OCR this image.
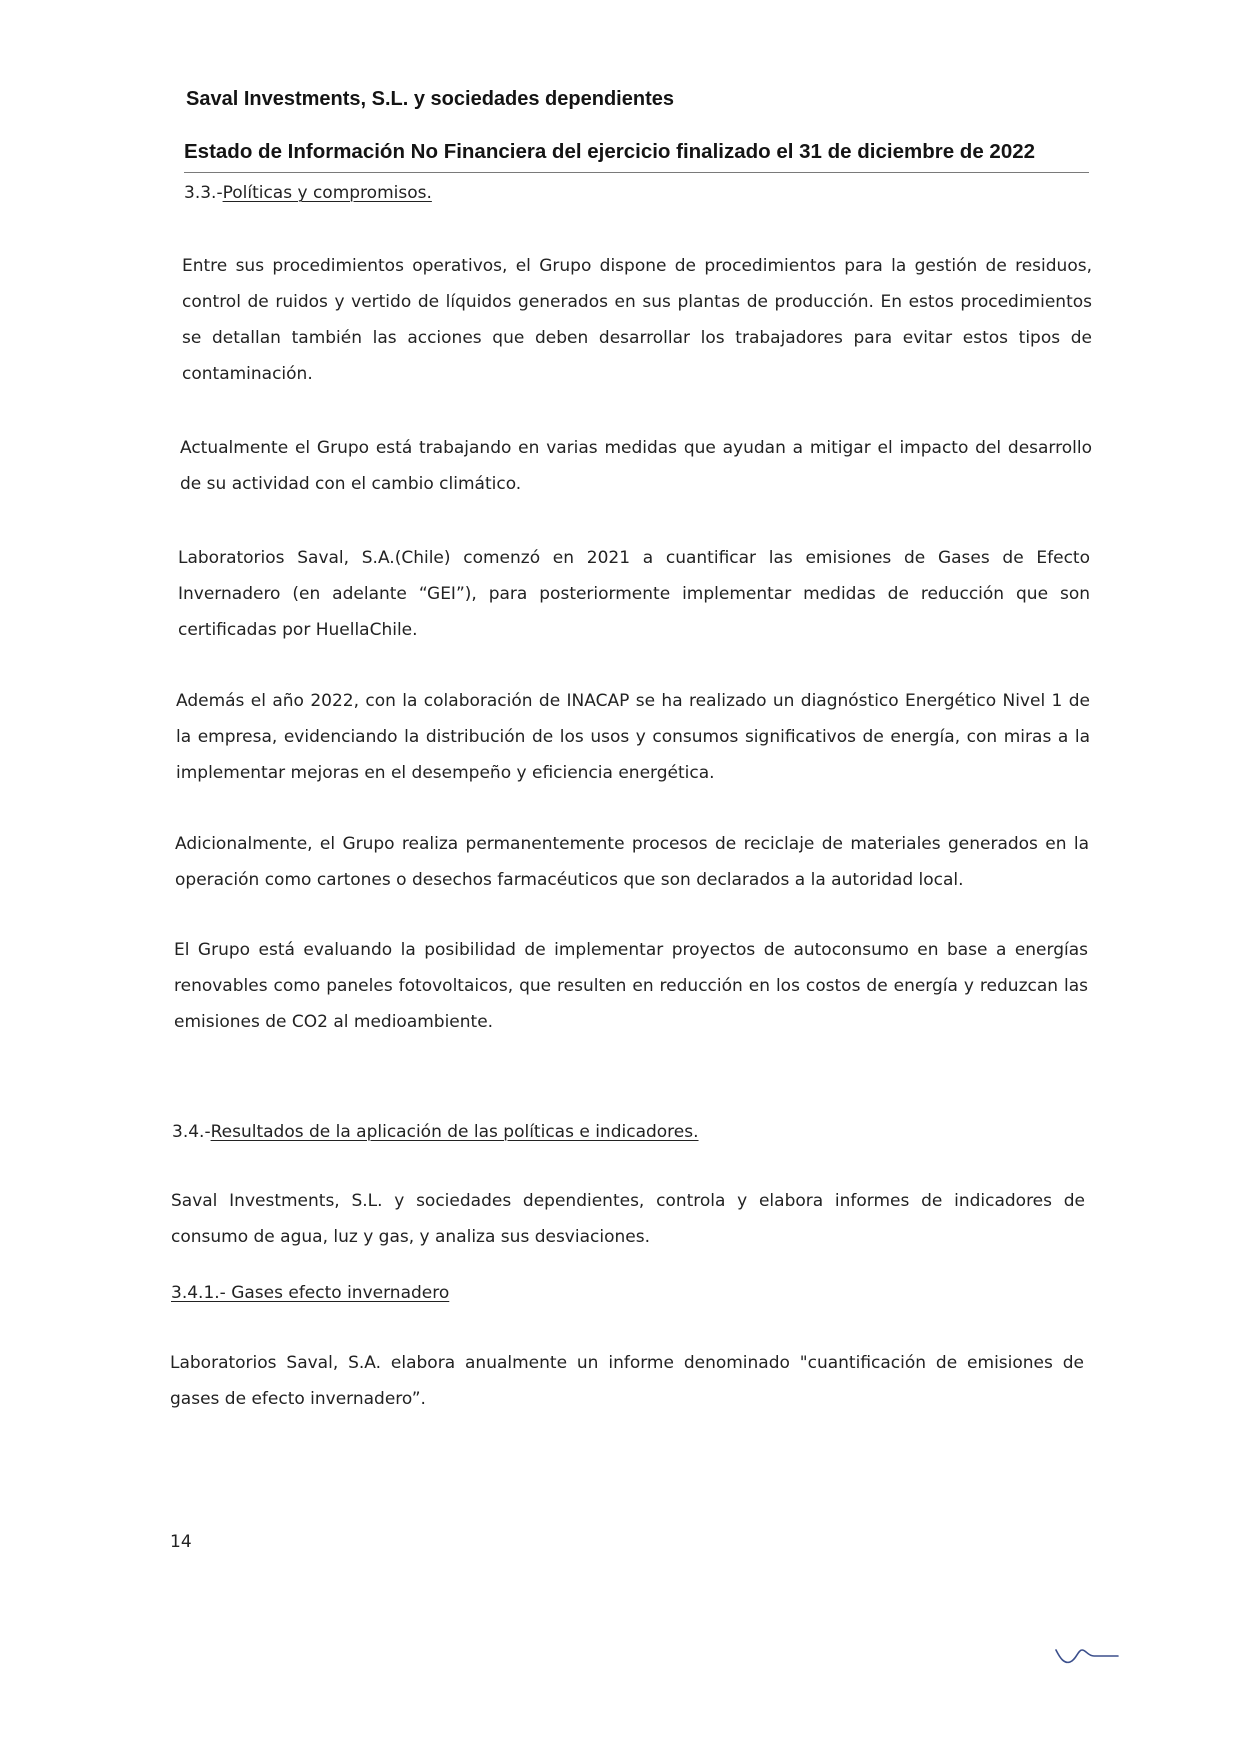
Saval Investments, S.L. y sociedades dependientes
Estado de Información No Financiera del ejercicio finalizado el 31 de diciembre de 2022
3.3.-Políticas y compromisos.

Entre sus procedimientos operativos, el Grupo dispone de procedimientos para la gestión de residuos, control de ruidos y vertido de líquidos generados en sus plantas de producción. En estos procedimientos se detallan también las acciones que deben desarrollar los trabajadores para evitar estos tipos de contaminación.

Actualmente el Grupo está trabajando en varias medidas que ayudan a mitigar el impacto del desarrollo de su actividad con el cambio climático.

Laboratorios Saval, S.A.(Chile) comenzó en 2021 a cuantificar las emisiones de Gases de Efecto Invernadero (en adelante “GEI”), para posteriormente implementar medidas de reducción que son certificadas por HuellaChile.

Además el año 2022, con la colaboración de INACAP se ha realizado un diagnóstico Energético Nivel 1 de la empresa, evidenciando la distribución de los usos y consumos significativos de energía, con miras a la implementar mejoras en el desempeño y eficiencia energética.

Adicionalmente, el Grupo realiza permanentemente procesos de reciclaje de materiales generados en la operación como cartones o desechos farmacéuticos que son declarados a la autoridad local.

El Grupo está evaluando la posibilidad de implementar proyectos de autoconsumo en base a energías renovables como paneles fotovoltaicos, que resulten en reducción en los costos de energía y reduzcan las emisiones de CO2 al medioambiente.

3.4.-Resultados de la aplicación de las políticas e indicadores.

Saval Investments, S.L. y sociedades dependientes, controla y elabora informes de indicadores de consumo de agua, luz y gas, y analiza sus desviaciones.

3.4.1.- Gases efecto invernadero

Laboratorios Saval, S.A. elabora anualmente un informe denominado "cuantificación de emisiones de gases de efecto invernadero”.

14
